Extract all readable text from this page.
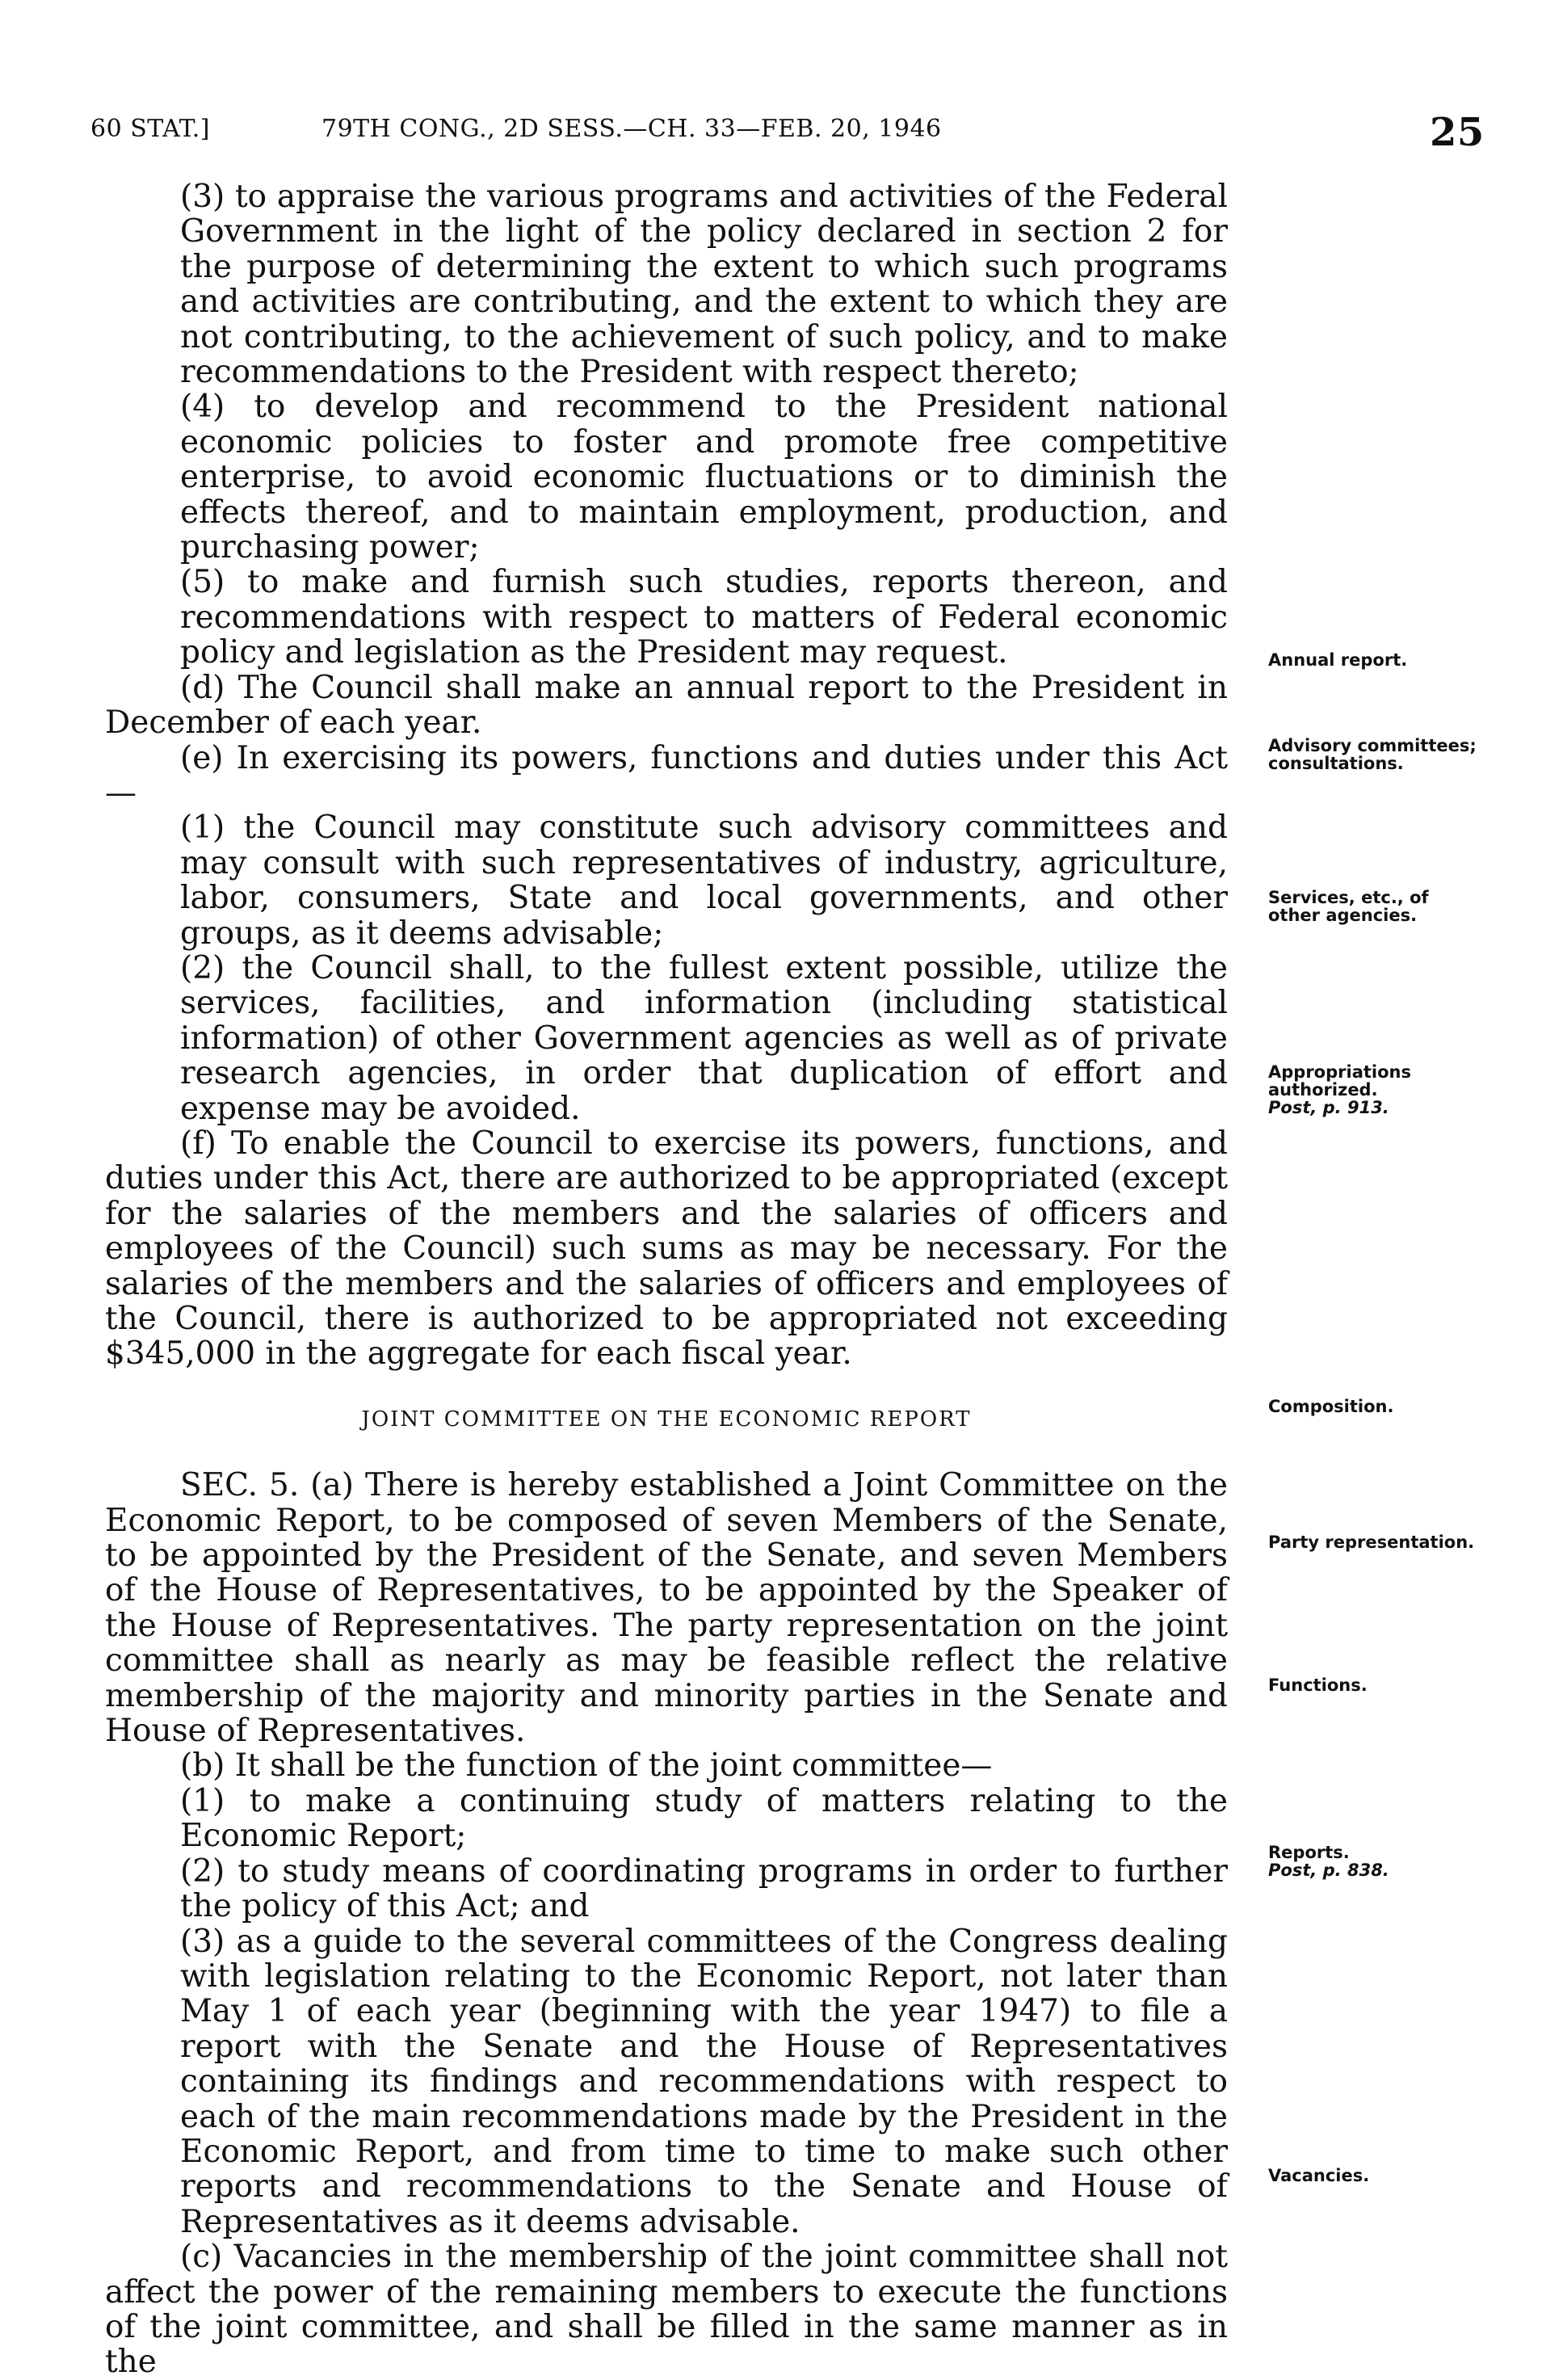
60 STAT.]	79TH CONG., 2D SESS.—CH. 33—FEB. 20, 1946	25

(3) to appraise the various programs and activities of the Federal Government in the light of the policy declared in section 2 for the purpose of determining the extent to which such programs and activities are contributing, and the extent to which they are not contributing, to the achievement of such policy, and to make recommendations to the President with respect thereto;

(4) to develop and recommend to the President national economic policies to foster and promote free competitive enterprise, to avoid economic fluctuations or to diminish the effects thereof, and to maintain employment, production, and purchasing power;

(5) to make and furnish such studies, reports thereon, and recommendations with respect to matters of Federal economic policy and legislation as the President may request.

(d) The Council shall make an annual report to the President in December of each year.

(e) In exercising its powers, functions and duties under this Act—

(1) the Council may constitute such advisory committees and may consult with such representatives of industry, agriculture, labor, consumers, State and local governments, and other groups, as it deems advisable;

(2) the Council shall, to the fullest extent possible, utilize the services, facilities, and information (including statistical information) of other Government agencies as well as of private research agencies, in order that duplication of effort and expense may be avoided.

(f) To enable the Council to exercise its powers, functions, and duties under this Act, there are authorized to be appropriated (except for the salaries of the members and the salaries of officers and employees of the Council) such sums as may be necessary. For the salaries of the members and the salaries of officers and employees of the Council, there is authorized to be appropriated not exceeding $345,000 in the aggregate for each fiscal year.

JOINT COMMITTEE ON THE ECONOMIC REPORT

SEC. 5. (a) There is hereby established a Joint Committee on the Economic Report, to be composed of seven Members of the Senate, to be appointed by the President of the Senate, and seven Members of the House of Representatives, to be appointed by the Speaker of the House of Representatives. The party representation on the joint committee shall as nearly as may be feasible reflect the relative membership of the majority and minority parties in the Senate and House of Representatives.

(b) It shall be the function of the joint committee—

(1) to make a continuing study of matters relating to the Economic Report;

(2) to study means of coordinating programs in order to further the policy of this Act; and

(3) as a guide to the several committees of the Congress dealing with legislation relating to the Economic Report, not later than May 1 of each year (beginning with the year 1947) to file a report with the Senate and the House of Representatives containing its findings and recommendations with respect to each of the main recommendations made by the President in the Economic Report, and from time to time to make such other reports and recommendations to the Senate and House of Representatives as it deems advisable.

(c) Vacancies in the membership of the joint committee shall not affect the power of the remaining members to execute the functions of the joint committee, and shall be filled in the same manner as in the

Annual report.
Advisory committees; consultations.
Services, etc., of other agencies.
Appropriations authorized.
Post, p. 913.
Composition.
Party representation.
Functions.
Reports.
Post, p. 838.
Vacancies.
